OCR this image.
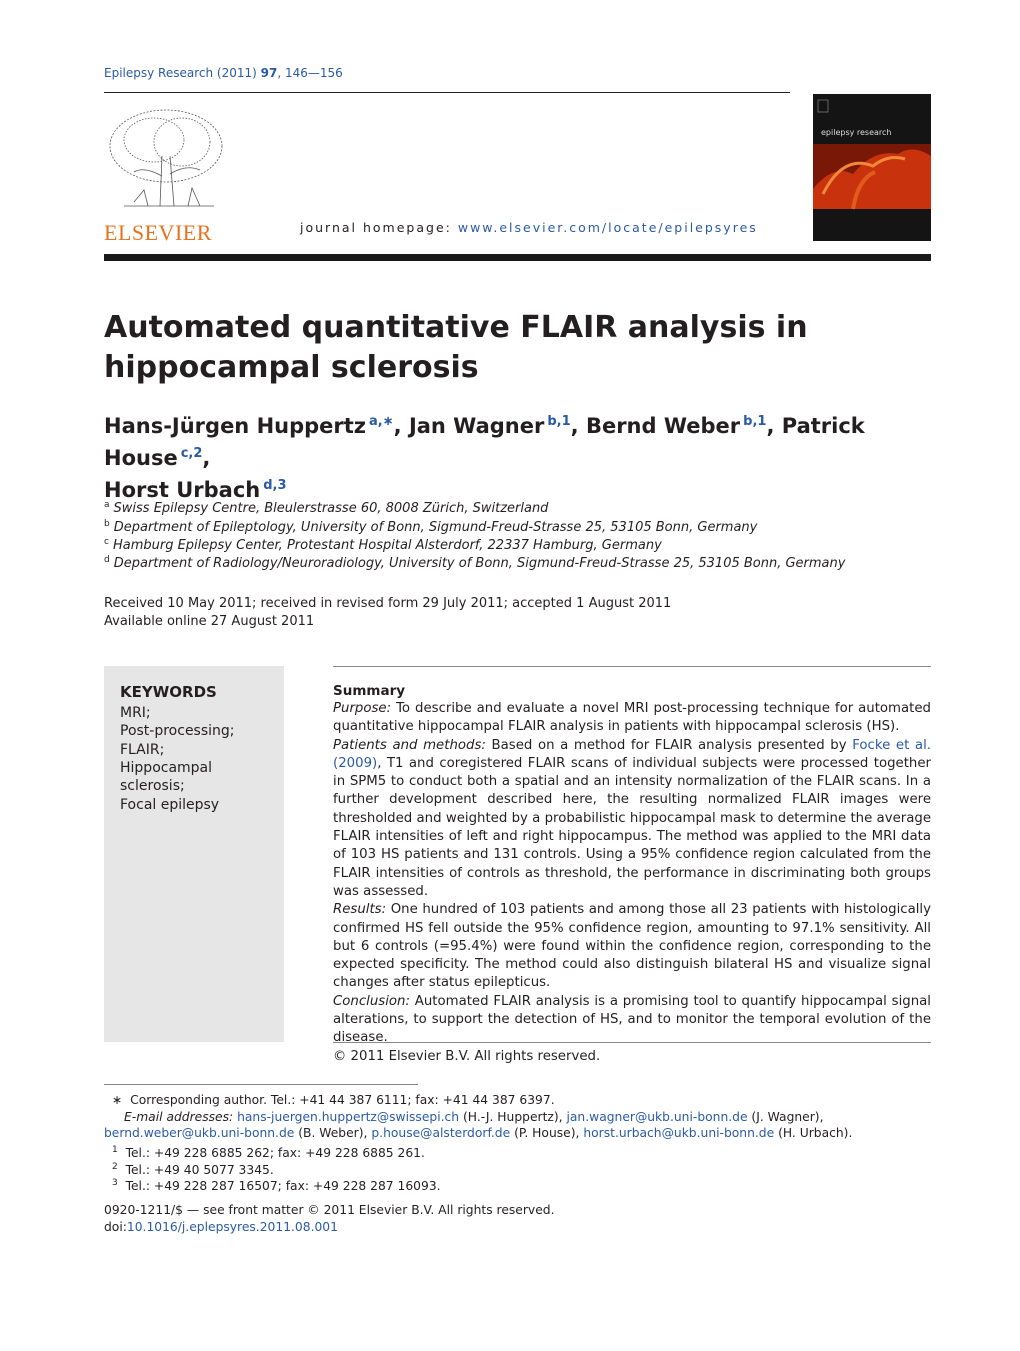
Epilepsy Research (2011) 97, 146—156
ELSEVIER	journal homepage: www.elsevier.com/locate/epilepsyres
epilepsy research
Automated quantitative FLAIR analysis in hippocampal sclerosis
Hans-Jürgen Huppertz $^{a,∗}$, Jan Wagner $^{b,1}$, Bernd Weber $^{b,1}$, Patrick House $^{c,2}$,
Horst Urbach $^{d,3}$
$^a$ Swiss Epilepsy Centre, Bleulerstrasse 60, 8008 Zürich, Switzerland
$^b$ Department of Epileptology, University of Bonn, Sigmund-Freud-Strasse 25, 53105 Bonn, Germany
$^c$ Hamburg Epilepsy Center, Protestant Hospital Alsterdorf, 22337 Hamburg, Germany
$^d$ Department of Radiology/Neuroradiology, University of Bonn, Sigmund-Freud-Strasse 25, 53105 Bonn, Germany
Received 10 May 2011; received in revised form 29 July 2011; accepted 1 August 2011
Available online 27 August 2011
KEYWORDS
MRI;
Post-processing;
FLAIR;
Hippocampal
sclerosis;
Focal epilepsy
Summary

Purpose: To describe and evaluate a novel MRI post-processing technique for automated quantitative hippocampal FLAIR analysis in patients with hippocampal sclerosis (HS).

Patients and methods: Based on a method for FLAIR analysis presented by Focke et al. (2009), T1 and coregistered FLAIR scans of individual subjects were processed together in SPM5 to conduct both a spatial and an intensity normalization of the FLAIR scans. In a further development described here, the resulting normalized FLAIR images were thresholded and weighted by a probabilistic hippocampal mask to determine the average FLAIR intensities of left and right hippocampus. The method was applied to the MRI data of 103 HS patients and 131 controls. Using a 95% confidence region calculated from the FLAIR intensities of controls as threshold, the performance in discriminating both groups was assessed.

Results: One hundred of 103 patients and among those all 23 patients with histologically confirmed HS fell outside the 95% confidence region, amounting to 97.1% sensitivity. All but 6 controls (=95.4%) were found within the confidence region, corresponding to the expected specificity. The method could also distinguish bilateral HS and visualize signal changes after status epilepticus.

Conclusion: Automated FLAIR analysis is a promising tool to quantify hippocampal signal alterations, to support the detection of HS, and to monitor the temporal evolution of the disease.

© 2011 Elsevier B.V. All rights reserved.

∗ Corresponding author. Tel.: +41 44 387 6111; fax: +41 44 387 6397.
E-mail addresses: hans-juergen.huppertz@swissepi.ch (H.-J. Huppertz), jan.wagner@ukb.uni-bonn.de (J. Wagner), bernd.weber@ukb.uni-bonn.de (B. Weber), p.house@alsterdorf.de (P. House), horst.urbach@ukb.uni-bonn.de (H. Urbach).
$^1$ Tel.: +49 228 6885 262; fax: +49 228 6885 261.
$^2$ Tel.: +49 40 5077 3345.
$^3$ Tel.: +49 228 287 16507; fax: +49 228 287 16093.
0920-1211/$ — see front matter © 2011 Elsevier B.V. All rights reserved.
doi:10.1016/j.eplepsyres.2011.08.001
